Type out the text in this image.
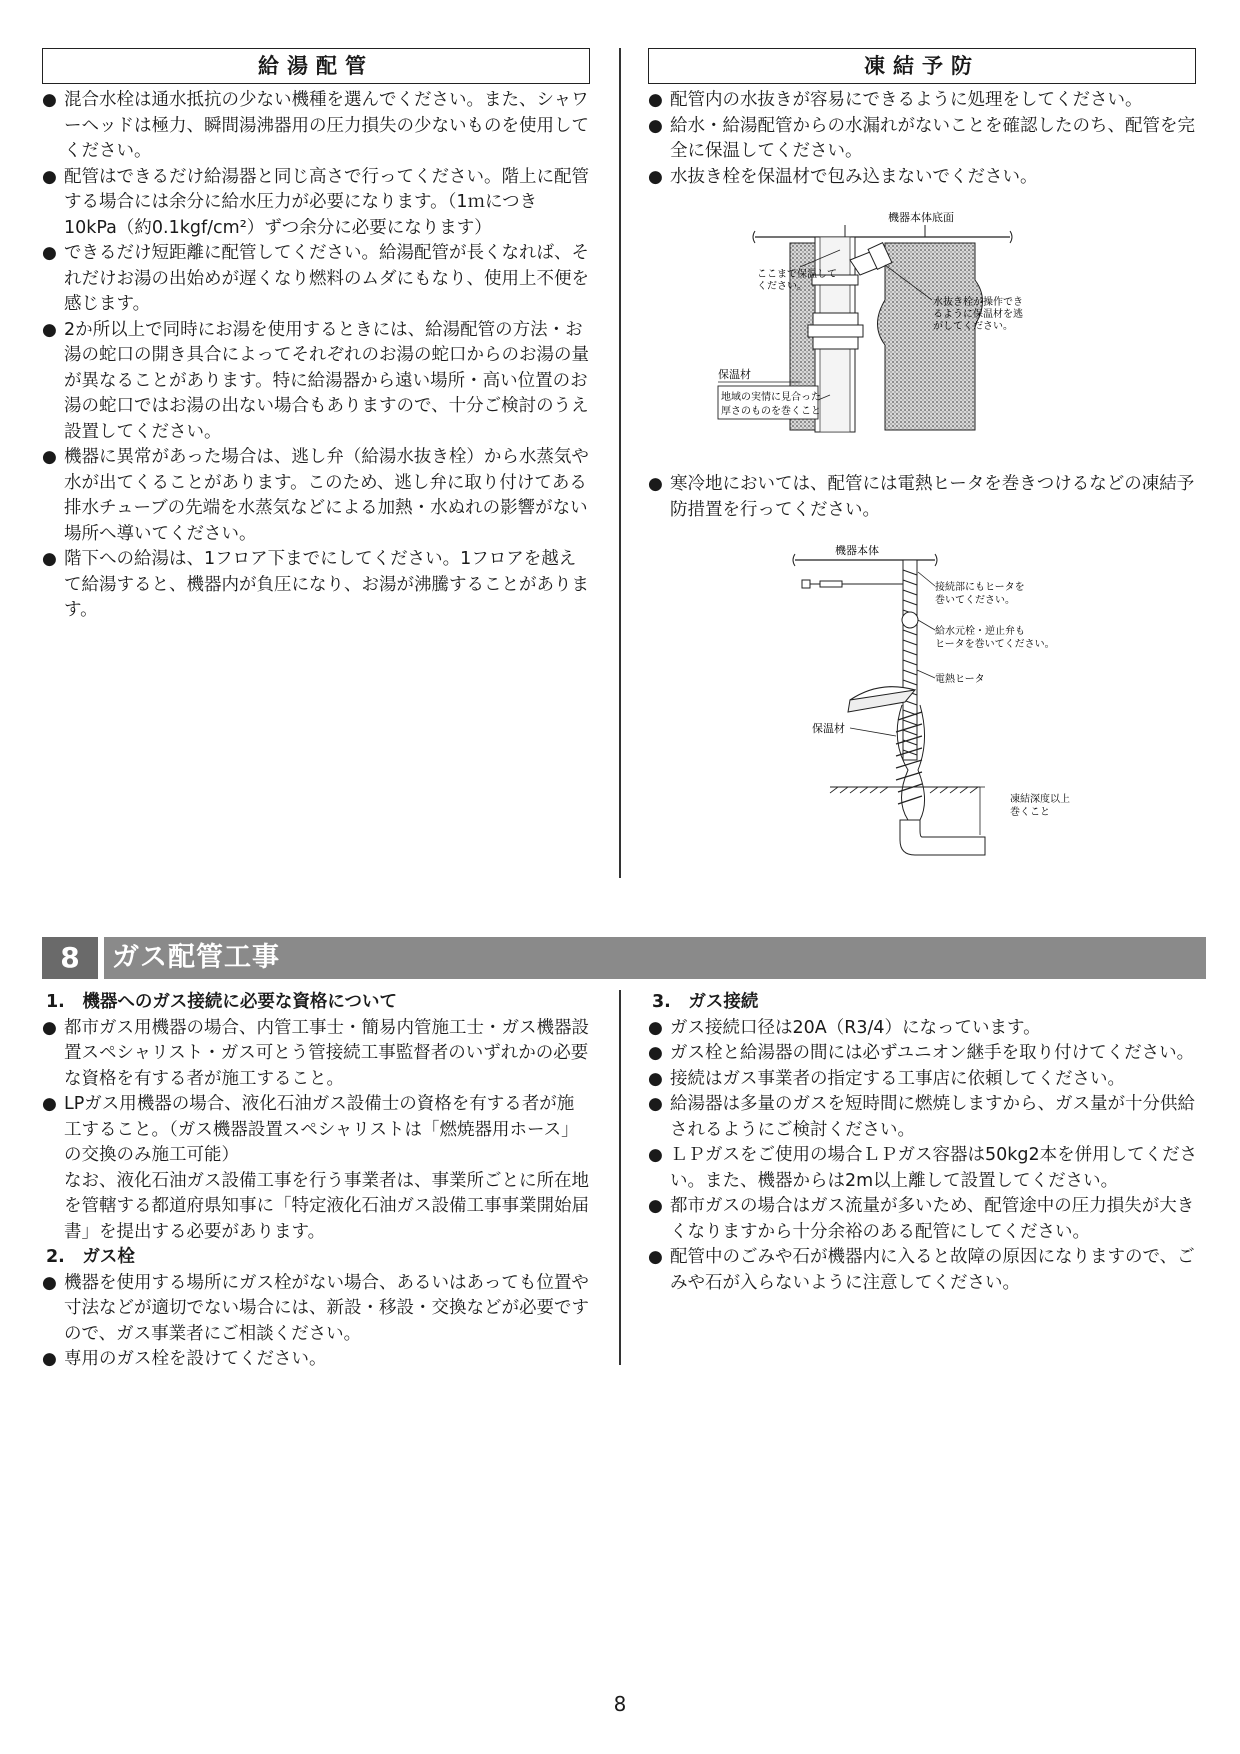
給湯配管

● 混合水栓は通水抵抗の少ない機種を選んでください。また、シャワーヘッドは極力、瞬間湯沸器用の圧力損失の少ないものを使用してください。

● 配管はできるだけ給湯器と同じ高さで行ってください。階上に配管する場合には余分に給水圧力が必要になります。（1ｍにつき10kPa（約0.1kgf/cm²）ずつ余分に必要になります）

● できるだけ短距離に配管してください。給湯配管が長くなれば、それだけお湯の出始めが遅くなり燃料のムダにもなり、使用上不便を感じます。

● 2か所以上で同時にお湯を使用するときには、給湯配管の方法・お湯の蛇口の開き具合によってそれぞれのお湯の蛇口からのお湯の量が異なることがあります。特に給湯器から遠い場所・高い位置のお湯の蛇口ではお湯の出ない場合もありますので、十分ご検討のうえ設置してください。

● 機器に異常があった場合は、逃し弁（給湯水抜き栓）から水蒸気や水が出てくることがあります。このため、逃し弁に取り付けてある排水チューブの先端を水蒸気などによる加熱・水ぬれの影響がない場所へ導いてください。

● 階下への給湯は、1フロア下までにしてください。1フロアを越えて給湯すると、機器内が負圧になり、お湯が沸騰することがあります。

凍結予防

● 配管内の水抜きが容易にできるように処理をしてください。

● 給水・給湯配管からの水漏れがないことを確認したのち、配管を完全に保温してください。

● 水抜き栓を保温材で包み込まないでください。

機器本体底面
ここまで保温して
ください。
水抜き栓が操作でき
るように保温材を逃
がしてください。
保温材
地域の実情に見合った
厚さのものを巻くこと

● 寒冷地においては、配管には電熱ヒータを巻きつけるなどの凍結予防措置を行ってください。

機器本体
接続部にもヒータを
巻いてください。
給水元栓・逆止弁も
ヒータを巻いてください。
電熱ヒータ
保温材
凍結深度以上
巻くこと
8	ガス配管工事

1.　機器へのガス接続に必要な資格について

● 都市ガス用機器の場合、内管工事士・簡易内管施工士・ガス機器設置スペシャリスト・ガス可とう管接続工事監督者のいずれかの必要な資格を有する者が施工すること。

● LPガス用機器の場合、液化石油ガス設備士の資格を有する者が施工すること。（ガス機器設置スペシャリストは「燃焼器用ホース」の交換のみ施工可能）

なお、液化石油ガス設備工事を行う事業者は、事業所ごとに所在地を管轄する都道府県知事に「特定液化石油ガス設備工事事業開始届書」を提出する必要があります。

2.　ガス栓

● 機器を使用する場所にガス栓がない場合、あるいはあっても位置や寸法などが適切でない場合には、新設・移設・交換などが必要ですので、ガス事業者にご相談ください。

● 専用のガス栓を設けてください。

3.　ガス接続

● ガス接続口径は20A（R3/4）になっています。

● ガス栓と給湯器の間には必ずユニオン継手を取り付けてください。

● 接続はガス事業者の指定する工事店に依頼してください。

● 給湯器は多量のガスを短時間に燃焼しますから、ガス量が十分供給されるようにご検討ください。

● ＬＰガスをご使用の場合ＬＰガス容器は50kg2本を併用してください。また、機器からは2m以上離して設置してください。

● 都市ガスの場合はガス流量が多いため、配管途中の圧力損失が大きくなりますから十分余裕のある配管にしてください。

● 配管中のごみや石が機器内に入ると故障の原因になりますので、ごみや石が入らないように注意してください。

8
